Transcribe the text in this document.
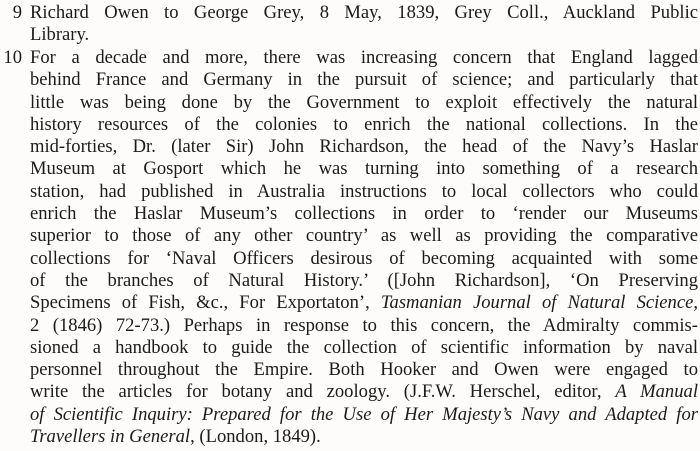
9 Richard Owen to George Grey, 8 May, 1839, Grey Coll., Auckland Public
Library.
10 For a decade and more, there was increasing concern that England lagged
behind France and Germany in the pursuit of science; and particularly that
little was being done by the Government to exploit effectively the natural
history resources of the colonies to enrich the national collections. In the
mid-forties, Dr. (later Sir) John Richardson, the head of the Navy’s Haslar
Museum at Gosport which he was turning into something of a research
station, had published in Australia instructions to local collectors who could
enrich the Haslar Museum’s collections in order to ‘render our Museums
superior to those of any other country’ as well as providing the comparative
collections for ‘Naval Officers desirous of becoming acquainted with some
of the branches of Natural History.’ ([John Richardson], ‘On Preserving
Specimens of Fish, &c., For Exportaton’, Tasmanian Journal of Natural Science,
2 (1846) 72-73.) Perhaps in response to this concern, the Admiralty commis-
sioned a handbook to guide the collection of scientific information by naval
personnel throughout the Empire. Both Hooker and Owen were engaged to
write the articles for botany and zoology. (J.F.W. Herschel, editor, A Manual
of Scientific Inquiry: Prepared for the Use of Her Majesty’s Navy and Adapted for
Travellers in General, (London, 1849).
